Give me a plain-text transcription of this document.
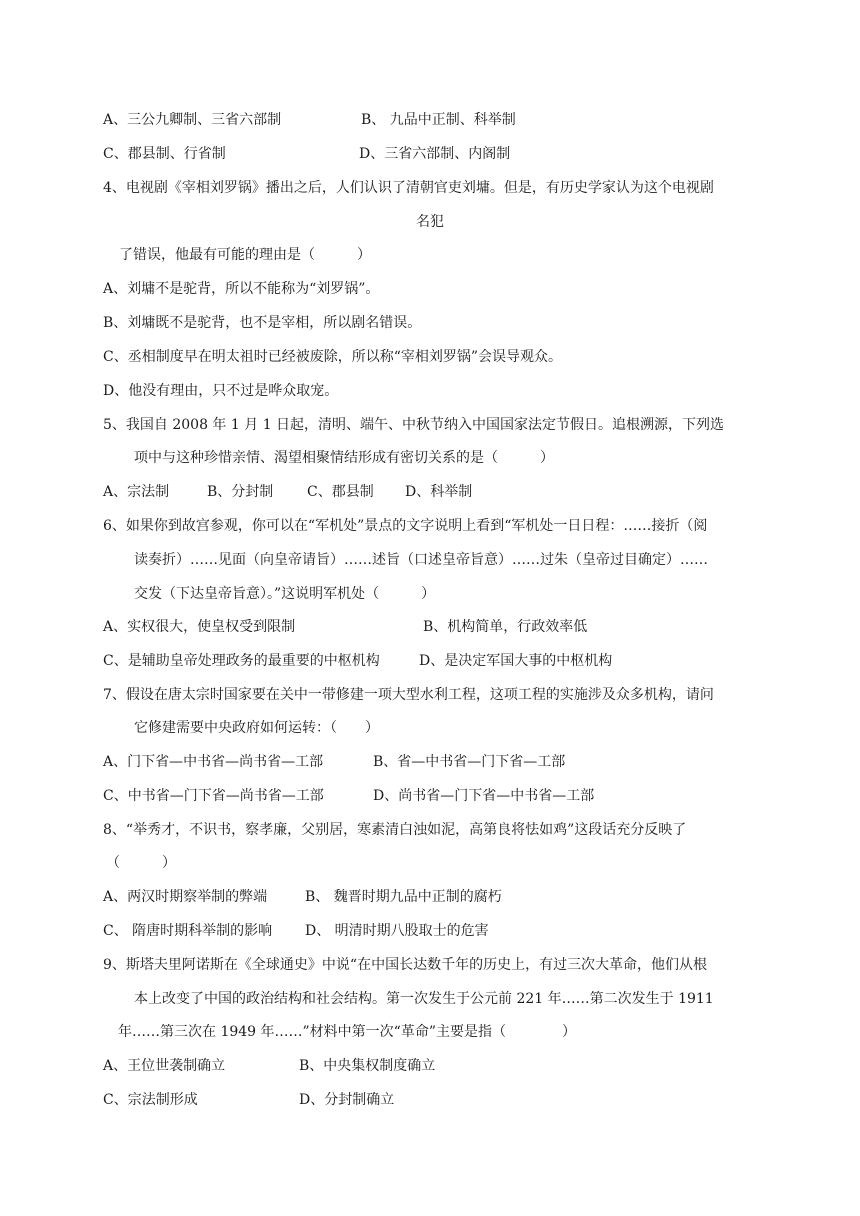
A、三公九卿制、三省六部制	B、 九品中正制、科举制
C、郡县制、行省制	D、三省六部制、内阁制
4、电视剧《宰相刘罗锅》播出之后，人们认识了清朝官吏刘墉。但是，有历史学家认为这个电视剧
名犯
了错误，他最有可能的理由是（　　　）
A、刘墉不是驼背，所以不能称为“刘罗锅”。
B、刘墉既不是驼背，也不是宰相，所以剧名错误。
C、丞相制度早在明太祖时已经被废除，所以称“宰相刘罗锅”会误导观众。
D、他没有理由，只不过是哗众取宠。
5、我国自 2008 年 1 月 1 日起，清明、端午、中秋节纳入中国国家法定节假日。追根溯源，下列选
项中与这种珍惜亲情、渴望相聚情结形成有密切关系的是（　　　）
A、宗法制	B、分封制 C、郡县制 D、科举制
6、如果你到故宫参观，你可以在“军机处”景点的文字说明上看到“军机处一日日程：……接折（阅
读奏折）……见面（向皇帝请旨）……述旨（口述皇帝旨意）……过朱（皇帝过目确定）……
交发（下达皇帝旨意）。”这说明军机处（　　　）
A、实权很大，使皇权受到限制	B、机构简单，行政效率低
C、是辅助皇帝处理政务的最重要的中枢机构	D、是决定军国大事的中枢机构
7、假设在唐太宗时国家要在关中一带修建一项大型水利工程，这项工程的实施涉及众多机构，请问
它修建需要中央政府如何运转：（　　）
A、门下省—中书省—尚书省—工部	B、省—中书省—门下省—工部
C、中书省—门下省—尚书省—工部	D、尚书省—门下省—中书省—工部
8、“举秀才，不识书，察孝廉，父别居，寒素清白浊如泥，高第良将怯如鸡”这段话充分反映了
（　　　）
A、两汉时期察举制的弊端	B、 魏晋时期九品中正制的腐朽
C、 隋唐时期科举制的影响 D、 明清时期八股取士的危害
9、斯塔夫里阿诺斯在《全球通史》中说“在中国长达数千年的历史上，有过三次大革命，他们从根
本上改变了中国的政治结构和社会结构。第一次发生于公元前 221 年……第二次发生于 1911
年……第三次在 1949 年……”材料中第一次“革命”主要是指（　　　　）
A、王位世袭制确立	B、中央集权制度确立
C、宗法制形成	D、分封制确立
